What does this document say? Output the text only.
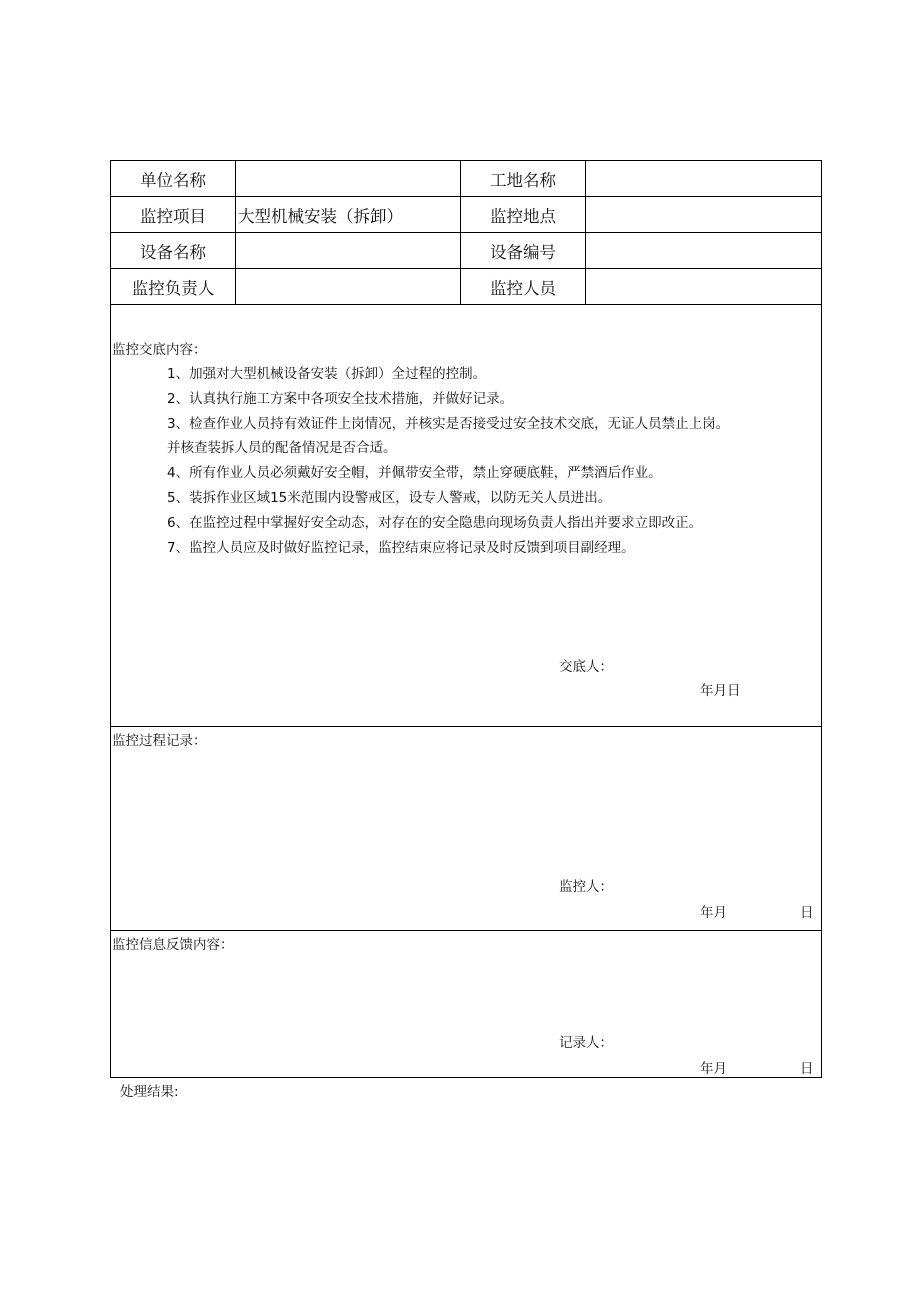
单位名称	工地名称
监控项目	大型机械安装（拆卸）	监控地点
设备名称	设备编号
监控负责人	监控人员
监控交底内容：
1、加强对大型机械设备安装（拆卸）全过程的控制。
2、认真执行施工方案中各项安全技术措施，并做好记录。
3、检查作业人员持有效证件上岗情况，并核实是否接受过安全技术交底，无证人员禁止上岗。
并核查装拆人员的配备情况是否合适。
4、所有作业人员必须戴好安全帽，并佩带安全带，禁止穿硬底鞋，严禁酒后作业。
5、装拆作业区域15米范围内设警戒区，设专人警戒，以防无关人员进出。
6、在监控过程中掌握好安全动态，对存在的安全隐患向现场负责人指出并要求立即改正。
7、监控人员应及时做好监控记录，监控结束应将记录及时反馈到项目副经理。
交底人：
年月日
监控过程记录：
监控人：
年月	日
监控信息反馈内容：
记录人：
年月	日
处理结果:
